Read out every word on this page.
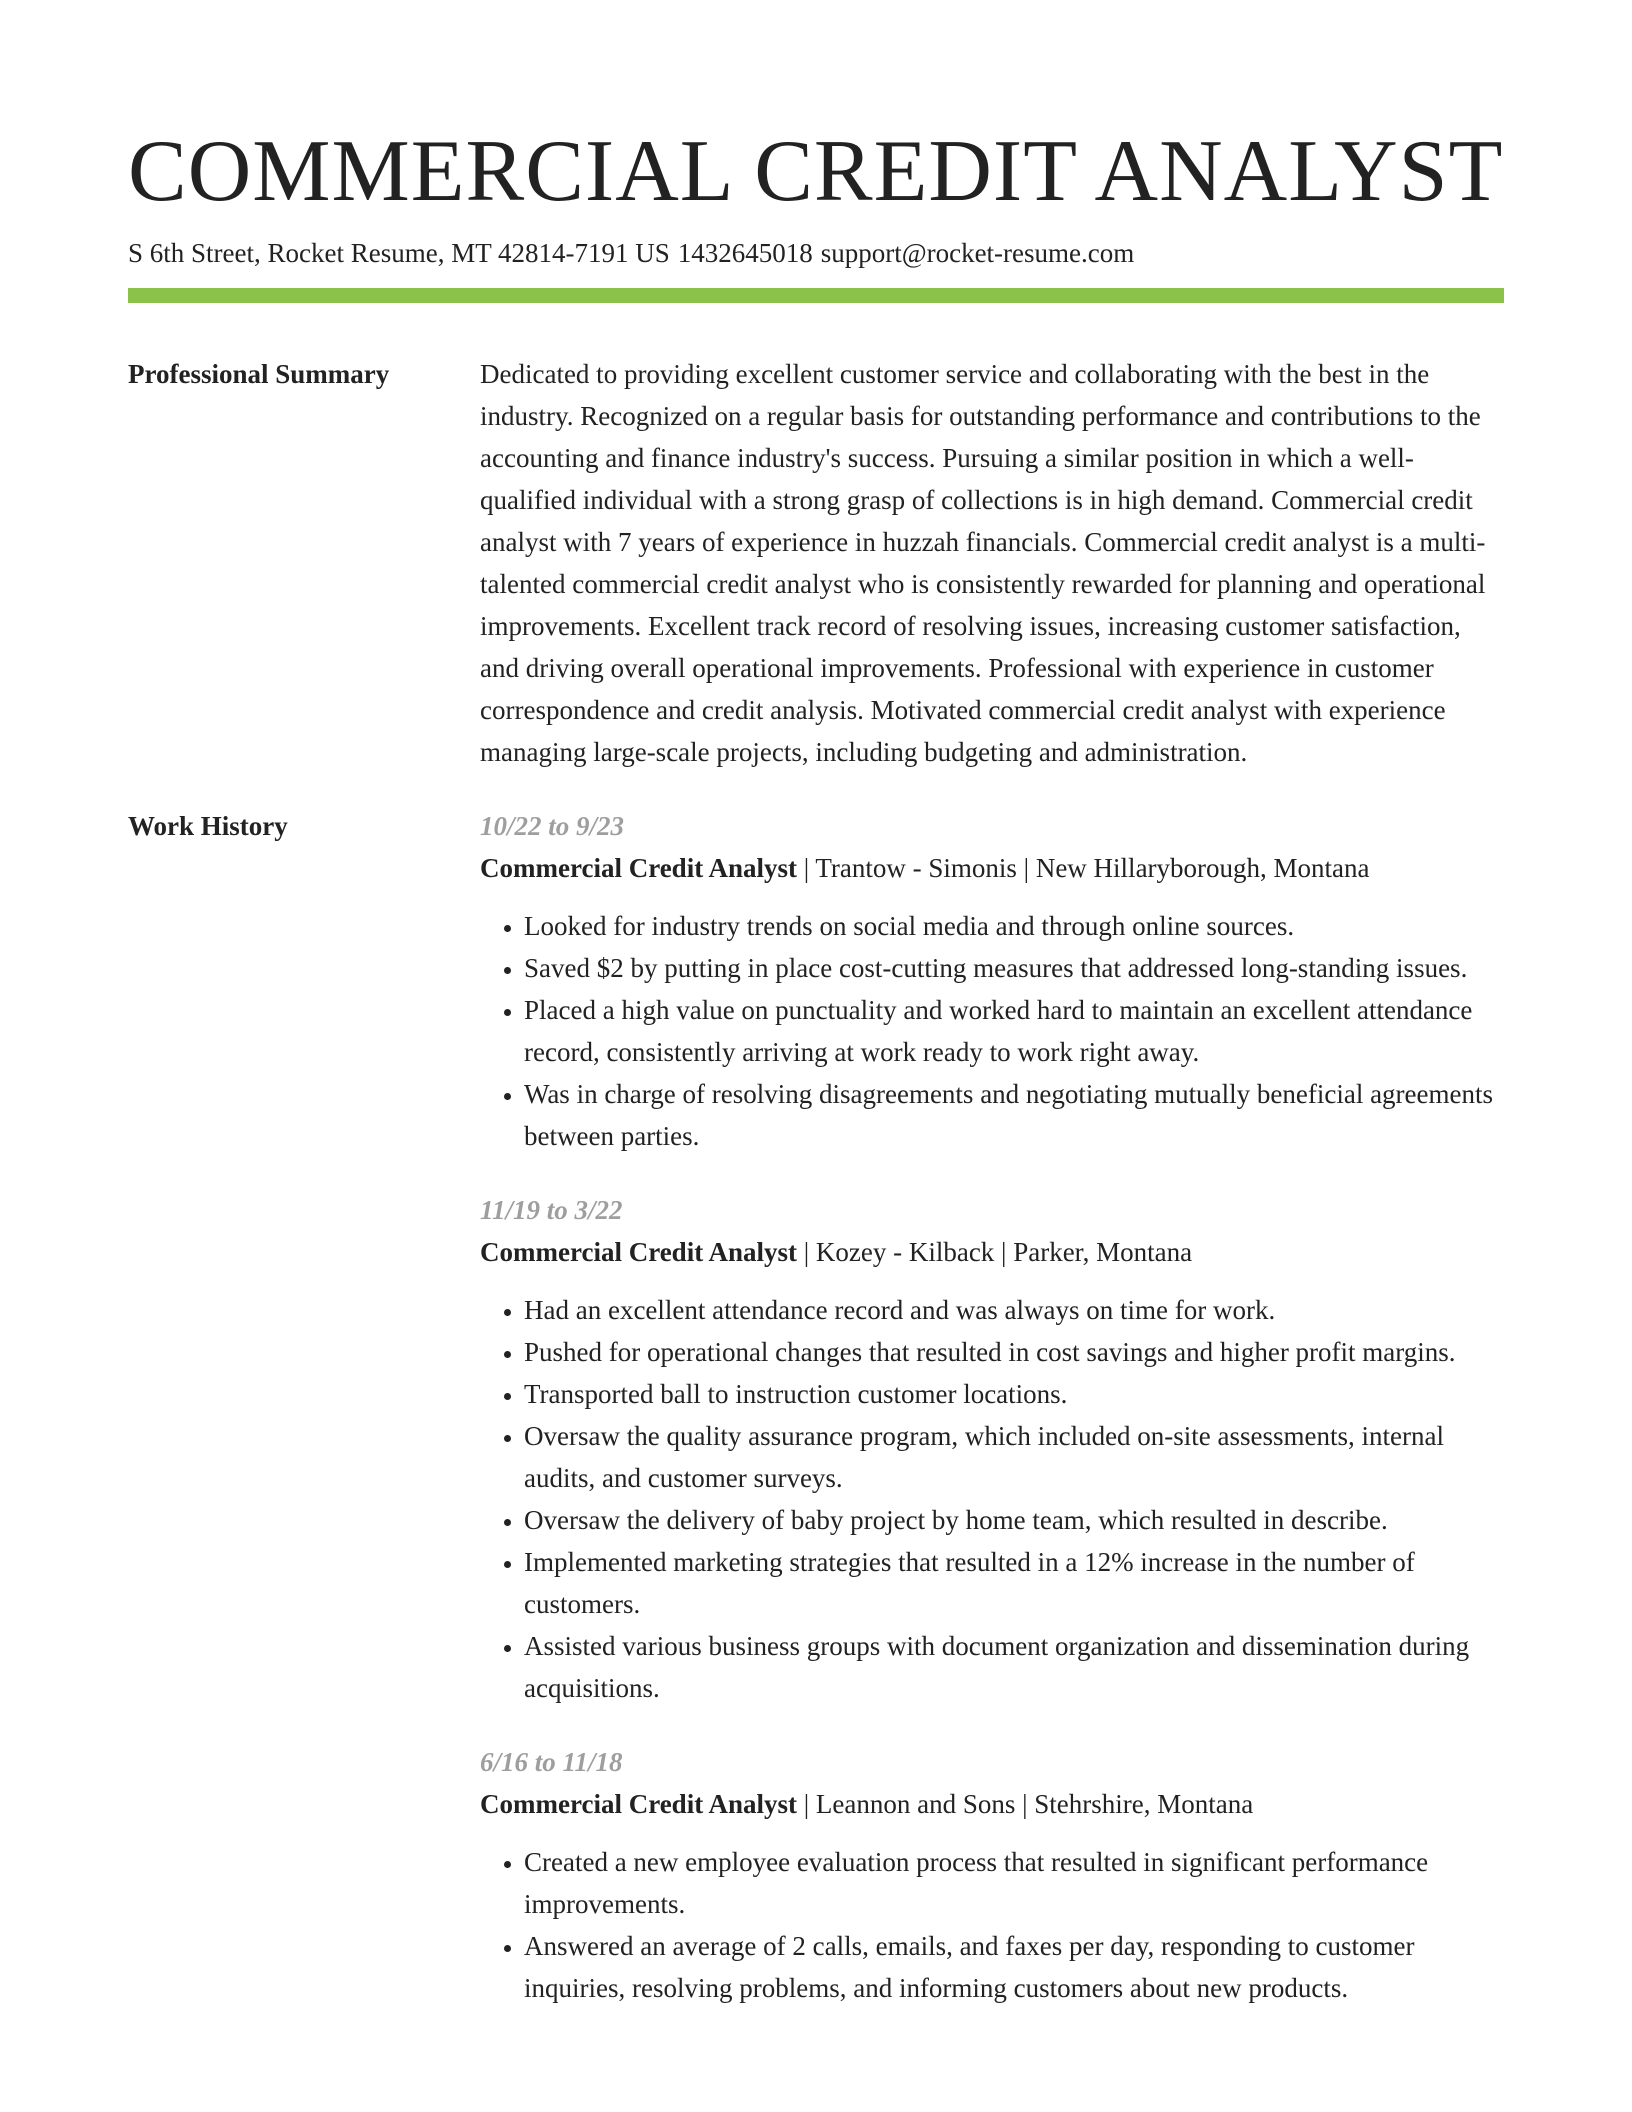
COMMERCIAL CREDIT ANALYST
S 6th Street, Rocket Resume, MT 42814-7191 US 1432645018 support@rocket-resume.com
Professional Summary	Dedicated to providing excellent customer service and collaborating with the best in the industry. Recognized on a regular basis for outstanding performance and contributions to the accounting and finance industry's success. Pursuing a similar position in which a well-qualified individual with a strong grasp of collections is in high demand. Commercial credit analyst with 7 years of experience in huzzah financials. Commercial credit analyst is a multi-talented commercial credit analyst who is consistently rewarded for planning and operational improvements. Excellent track record of resolving issues, increasing customer satisfaction, and driving overall operational improvements. Professional with experience in customer correspondence and credit analysis. Motivated commercial credit analyst with experience managing large-scale projects, including budgeting and administration.

Work History	10/22 to 9/23
Commercial Credit Analyst | Trantow - Simonis | New Hillaryborough, Montana
• Looked for industry trends on social media and through online sources.
• Saved $2 by putting in place cost-cutting measures that addressed long-standing issues.
• Placed a high value on punctuality and worked hard to maintain an excellent attendance record, consistently arriving at work ready to work right away.
• Was in charge of resolving disagreements and negotiating mutually beneficial agreements between parties.
11/19 to 3/22
Commercial Credit Analyst | Kozey - Kilback | Parker, Montana
• Had an excellent attendance record and was always on time for work.
• Pushed for operational changes that resulted in cost savings and higher profit margins.
• Transported ball to instruction customer locations.
• Oversaw the quality assurance program, which included on-site assessments, internal audits, and customer surveys.
• Oversaw the delivery of baby project by home team, which resulted in describe.
• Implemented marketing strategies that resulted in a 12% increase in the number of customers.
• Assisted various business groups with document organization and dissemination during acquisitions.
6/16 to 11/18
Commercial Credit Analyst | Leannon and Sons | Stehrshire, Montana
• Created a new employee evaluation process that resulted in significant performance improvements.
• Answered an average of 2 calls, emails, and faxes per day, responding to customer inquiries, resolving problems, and informing customers about new products.
